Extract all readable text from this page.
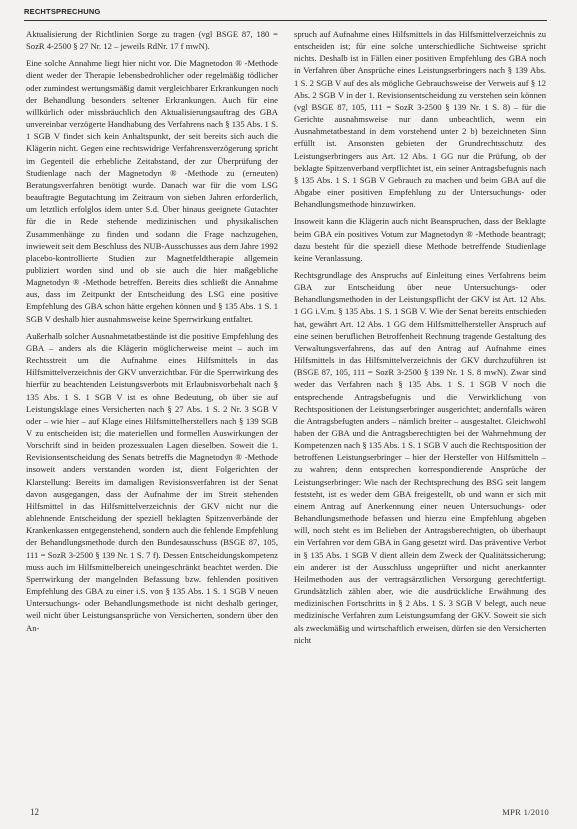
RECHTSPRECHUNG

Aktualisierung der Richtlinien Sorge zu tragen (vgl BSGE 87, 180 = SozR 4-2500 § 27 Nr. 12 – jeweils RdNr. 17 f mwN).

Eine solche Annahme liegt hier nicht vor. Die Magnetodon ® -Methode dient weder der Therapie lebensbedrohlicher oder regelmäßig tödlicher oder zumindest wertungsmäßig damit vergleichbarer Erkrankungen noch der Behandlung besonders seltener Erkrankungen. Auch für eine willkürlich oder missbräuchlich den Aktualisierungsauftrag des GBA unvereinbar verzögerte Handhabung des Verfahrens nach § 135 Abs. 1 S. 1 SGB V findet sich kein Anhaltspunkt, der seit bereits sich auch die Klägerin nicht. Gegen eine rechtswidrige Verfahrensverzögerung spricht im Gegenteil die erhebliche Zeitabstand, der zur Überprüfung der Studienlage nach der Magnetodyn ® -Methode zu (erneuten) Beratungsverfahren benötigt wurde. Danach war für die vom LSG beauftragte Begutachtung im Zeitraum von sieben Jahren erforderlich, um letztlich erfolglos idem unter S.d. Über hinaus geeignete Gutachter für die in Rede stehende medizinischen und physikalischen Zusammenhänge zu finden und sodann die Frage nachzugehen, inwieweit seit dem Beschluss des NUB-Ausschusses aus dem Jahre 1992 placebo-kontrollierte Studien zur Magnetfeldtherapie allgemein publiziert worden sind und ob sie auch die hier maßgebliche Magnetodyn ® -Methode betreffen. Bereits dies schließt die Annahme aus, dass im Zeitpunkt der Entscheidung des LSG eine positive Empfehlung des GBA schon hätte ergehen können und § 135 Abs. 1 S. 1 SGB V deshalb hier ausnahmsweise keine Sperrwirkung entfaltet.

Außerhalb solcher Ausnahmetatbestände ist die positive Empfehlung des GBA – anders als die Klägerin möglicherweise meint – auch im Rechtsstreit um die Aufnahme eines Hilfsmittels in das Hilfsmittelverzeichnis der GKV unverzichtbar. Für die Sperrwirkung des hierfür zu beachtenden Leistungsverbots mit Erlaubnisvorbehalt nach § 135 Abs. 1 S. 1 SGB V ist es ohne Bedeutung, ob über sie auf Leistungsklage eines Versicherten nach § 27 Abs. 1 S. 2 Nr. 3 SGB V oder – wie hier – auf Klage eines Hilfsmittelherstellers nach § 139 SGB V zu entscheiden ist; die materiellen und formellen Auswirkungen der Vorschrift sind in beiden prozessualen Lagen dieselben. Soweit die 1. Revisionsentscheidung des Senats betreffs die Magnetodyn ® -Methode insoweit anders verstanden worden ist, dient Folgerichten der Klarstellung: Bereits im damaligen Revisionsverfahren ist der Senat davon ausgegangen, dass der Aufnahme der im Streit stehenden Hilfsmittel in das Hilfsmittelverzeichnis der GKV nicht nur die ablehnende Entscheidung der speziell beklagten Spitzenverbände der Krankenkassen entgegenstehend, sondern auch die fehlende Empfehlung der Behandlungsmethode durch den Bundesausschuss (BSGE 87, 105, 111 = SozR 3-2500 § 139 Nr. 1 S. 7 f). Dessen Entscheidungskompetenz muss auch im Hilfsmittelbereich uneingeschränkt beachtet werden. Die Sperrwirkung der mangelnden Befassung bzw. fehlenden positiven Empfehlung des GBA zu einer i.S. von § 135 Abs. 1 S. 1 SGB V neuen Untersuchungs- oder Behandlungsmethode ist nicht deshalb geringer, weil nicht über Leistungsansprüche von Versicherten, sondern über den An-

spruch auf Aufnahme eines Hilfsmittels in das Hilfsmittelverzeichnis zu entscheiden ist; für eine solche unterschiedliche Sichtweise spricht nichts. Deshalb ist in Fällen einer positiven Empfehlung des GBA noch in Verfahren über Ansprüche eines Leistungserbringers nach § 139 Abs. 1 S. 2 SGB V auf des als mögliche Gebrauchsweise der Verweis auf § 12 Abs. 2 SGB V in der 1. Revisionsentscheidung zu verstehen sein können (vgl BSGE 87, 105, 111 = SozR 3-2500 § 139 Nr. 1 S. 8) – für die Gerichte ausnahmsweise nur dann unbeachtlich, wenn ein Ausnahmetatbestand in dem vorstehend unter 2 b) bezeichneten Sinn erfüllt ist. Ansonsten gebieten der Grundrechtsschutz des Leistungserbringers aus Art. 12 Abs. 1 GG nur die Prüfung, ob der beklagte Spitzenverband verpflichtet ist, ein seiner Antragsbefugnis nach § 135 Abs. 1 S. 1 SGB V Gebrauch zu machen und beim GBA auf die Abgabe einer positiven Empfehlung zu der Untersuchungs- oder Behandlungsmethode hinzuwirken.

Insoweit kann die Klägerin auch nicht Beanspruchen, dass der Beklagte beim GBA ein positives Votum zur Magnetodyn ® -Methode beantragt; dazu besteht für die speziell diese Methode betreffende Studienlage keine Veranlassung.

Rechtsgrundlage des Anspruchs auf Einleitung eines Verfahrens beim GBA zur Entscheidung über neue Untersuchungs- oder Behandlungsmethoden in der Leistungspflicht der GKV ist Art. 12 Abs. 1 GG i.V.m. § 135 Abs. 1 S. 1 SGB V. Wie der Senat bereits entschieden hat, gewährt Art. 12 Abs. 1 GG dem Hilfsmittelhersteller Anspruch auf eine seinen beruflichen Betroffenheit Rechnung tragende Gestaltung des Verwaltungsverfahrens, das auf den Antrag auf Aufnahme eines Hilfsmittels in das Hilfsmittelverzeichnis der GKV durchzuführen ist (BSGE 87, 105, 111 = SozR 3-2500 § 139 Nr. 1 S. 8 mwN). Zwar sind weder das Verfahren nach § 135 Abs. 1 S. 1 SGB V noch die entsprechende Antragsbefugnis und die Verwirklichung von Rechtspositionen der Leistungserbringer ausgerichtet; andernfalls wären die Antragsbefugten anders – nämlich breiter – ausgestaltet. Gleichwohl haben der GBA und die Antragsberechtigten bei der Wahrnehmung der Kompetenzen nach § 135 Abs. 1 S. 1 SGB V auch die Rechtsposition der betroffenen Leistungserbringer – hier der Hersteller von Hilfsmitteln – zu wahren; denn entsprechen korrespondierende Ansprüche der Leistungserbringer: Wie nach der Rechtsprechung des BSG seit langem feststeht, ist es weder dem GBA freigestellt, ob und wann er sich mit einem Antrag auf Anerkennung einer neuen Untersuchungs- oder Behandlungsmethode befassen und hierzu eine Empfehlung abgeben will, noch steht es im Belieben der Antragsberechtigten, ob überhaupt ein Verfahren vor dem GBA in Gang gesetzt wird. Das präventive Verbot in § 135 Abs. 1 SGB V dient allein dem Zweck der Qualitätssicherung; ein anderer ist der Ausschluss ungeprüfter und nicht anerkannter Heilmethoden aus der vertragsärztlichen Versorgung gerechtfertigt. Grundsätzlich zählen aber, wie die ausdrückliche Erwähnung des medizinischen Fortschritts in § 2 Abs. 1 S. 3 SGB V belegt, auch neue medizinische Verfahren zum Leistungsumfang der GKV. Soweit sie sich als zweckmäßig und wirtschaftlich erweisen, dürfen sie den Versicherten nicht

12	MPR 1/2010
